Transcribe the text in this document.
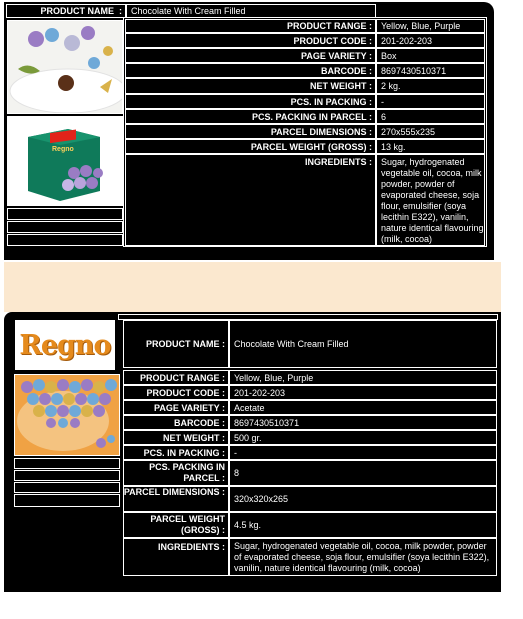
PRODUCT NAME :	Chocolate With Cream Filled
Regno
PRODUCT RANGE :	Yellow, Blue, Purple
PRODUCT CODE :	201-202-203
PAGE VARIETY :	Box
BARCODE :	8697430510371
NET WEIGHT :	2 kg.
PCS. IN PACKING :	-
PCS. PACKING IN PARCEL :	6
PARCEL DIMENSIONS :	270x555x235
PARCEL WEIGHT (GROSS) :	13 kg.
INGREDIENTS :	Sugar, hydrogenated vegetable oil, cocoa, milk powder, powder of evaporated cheese, soja flour, emulsifier (soya lecithin E322), vanilin, nature identical flavouring (milk, cocoa)
Regno	PRODUCT NAME :	Chocolate With Cream Filled
PRODUCT RANGE :	Yellow, Blue, Purple
PRODUCT CODE :	201-202-203
PAGE VARIETY :	Acetate
BARCODE :	8697430510371
NET WEIGHT :	500 gr.
PCS. IN PACKING :	-
PCS. PACKING IN PARCEL :	8
PARCEL DIMENSIONS :
320x320x265
PARCEL WEIGHT (GROSS) :	4.5 kg.
INGREDIENTS :	Sugar, hydrogenated vegetable oil, cocoa, milk powder, powder of evaporated cheese, soja flour, emulsifier (soya lecithin E322), vanilin, nature identical flavouring (milk, cocoa)
